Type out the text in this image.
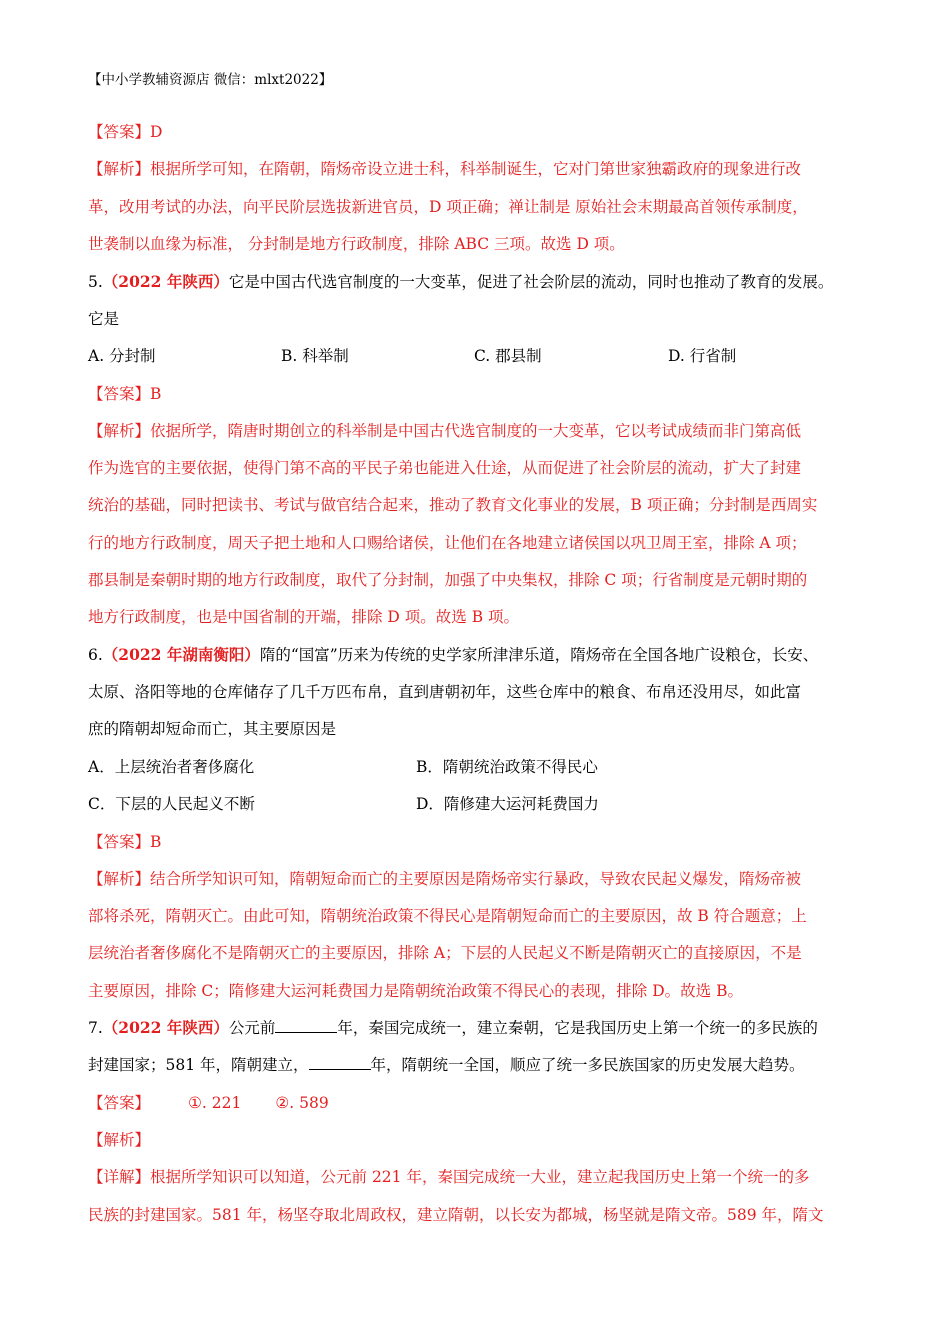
【中小学教辅资源店 微信：mlxt2022】
【答案】D
【解析】根据所学可知，在隋朝，隋炀帝设立进士科，科举制诞生，它对门第世家独霸政府的现象进行改
革，改用考试的办法，向平民阶层选拔新进官员，D 项正确；禅让制是 原始社会末期最高首领传承制度，
世袭制以血缘为标准， 分封制是地方行政制度，排除 ABC 三项。故选 D 项。
5.（2022 年陕西）它是中国古代选官制度的一大变革，促进了社会阶层的流动，同时也推动了教育的发展。
它是
A. 分封制	B. 科举制	C. 郡县制	D. 行省制
【答案】B
【解析】依据所学，隋唐时期创立的科举制是中国古代选官制度的一大变革，它以考试成绩而非门第高低
作为选官的主要依据，使得门第不高的平民子弟也能进入仕途，从而促进了社会阶层的流动，扩大了封建
统治的基础，同时把读书、考试与做官结合起来，推动了教育文化事业的发展，B 项正确；分封制是西周实
行的地方行政制度，周天子把土地和人口赐给诸侯，让他们在各地建立诸侯国以巩卫周王室，排除 A 项；
郡县制是秦朝时期的地方行政制度，取代了分封制，加强了中央集权，排除 C 项；行省制度是元朝时期的
地方行政制度，也是中国省制的开端，排除 D 项。故选 B 项。
6.（2022 年湖南衡阳）隋的“国富”历来为传统的史学家所津津乐道，隋炀帝在全国各地广设粮仓，长安、
太原、洛阳等地的仓库储存了几千万匹布帛，直到唐朝初年，这些仓库中的粮食、布帛还没用尽，如此富
庶的隋朝却短命而亡，其主要原因是
A．上层统治者奢侈腐化	B．隋朝统治政策不得民心
C．下层的人民起义不断	D．隋修建大运河耗费国力
【答案】B
【解析】结合所学知识可知，隋朝短命而亡的主要原因是隋炀帝实行暴政，导致农民起义爆发，隋炀帝被
部将杀死，隋朝灭亡。由此可知，隋朝统治政策不得民心是隋朝短命而亡的主要原因，故 B 符合题意；上
层统治者奢侈腐化不是隋朝灭亡的主要原因，排除 A；下层的人民起义不断是隋朝灭亡的直接原因，不是
主要原因，排除 C；隋修建大运河耗费国力是隋朝统治政策不得民心的表现，排除 D。故选 B。
7.（2022 年陕西）公元前	年，秦国完成统一，建立秦朝，它是我国历史上第一个统一的多民族的
封建国家；581 年，隋朝建立，	年，隋朝统一全国，顺应了统一多民族国家的历史发展大趋势。
【答案】 ①. 221 ②. 589
【解析】
【详解】根据所学知识可以知道，公元前 221 年，秦国完成统一大业，建立起我国历史上第一个统一的多
民族的封建国家。581 年，杨坚夺取北周政权，建立隋朝，以长安为都城，杨坚就是隋文帝。589 年，隋文
